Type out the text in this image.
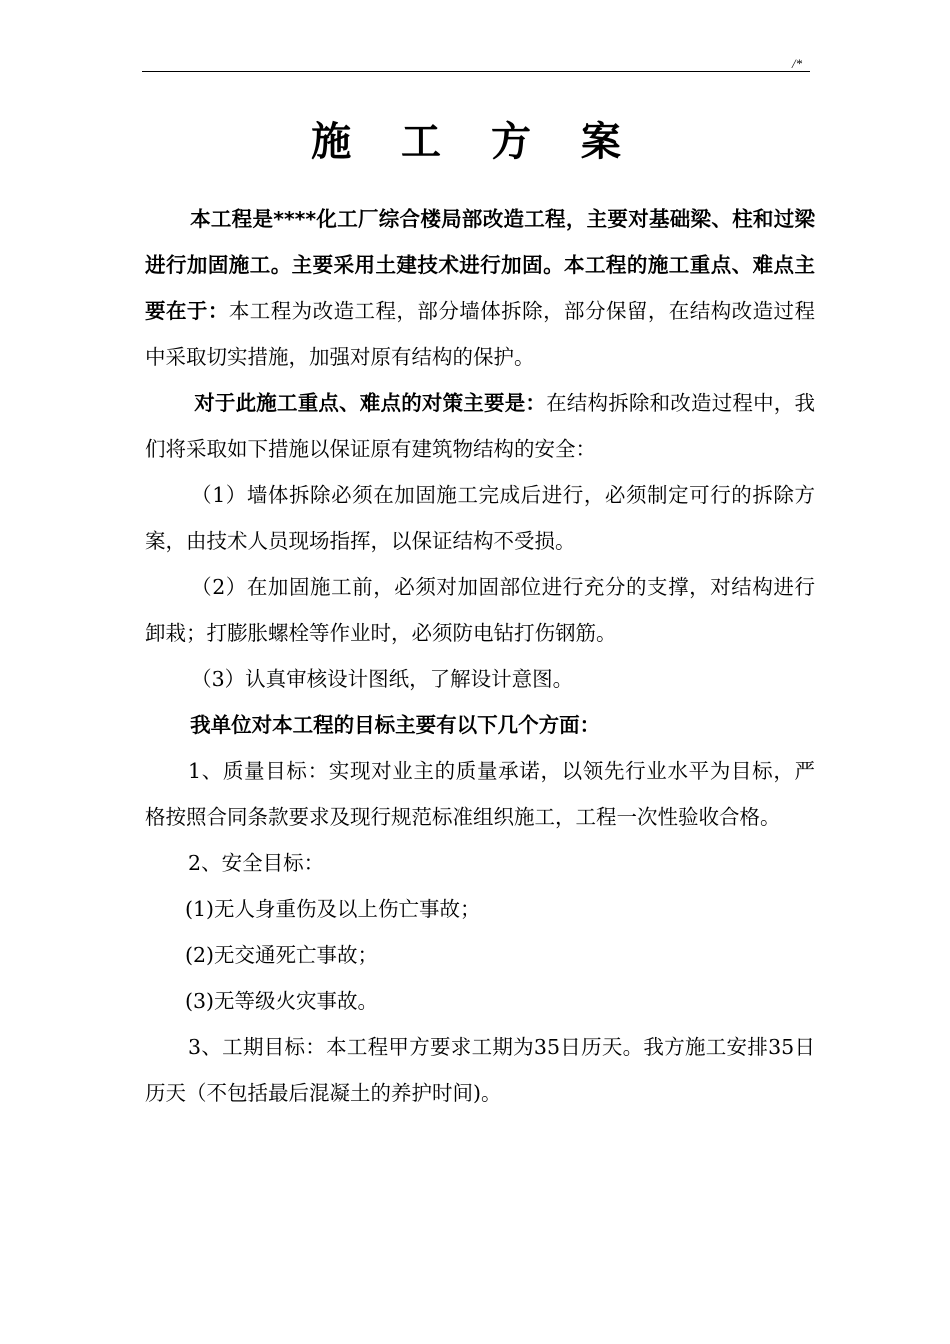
/*
施 工 方 案

本工程是****化工厂综合楼局部改造工程，主要对基础梁、柱和过梁进行加固施工。主要采用土建技术进行加固。本工程的施工重点、难点主要在于：本工程为改造工程，部分墙体拆除，部分保留，在结构改造过程中采取切实措施，加强对原有结构的保护。

对于此施工重点、难点的对策主要是：在结构拆除和改造过程中，我们将采取如下措施以保证原有建筑物结构的安全：

（1）墙体拆除必须在加固施工完成后进行，必须制定可行的拆除方案，由技术人员现场指挥，以保证结构不受损。

（2）在加固施工前，必须对加固部位进行充分的支撑，对结构进行卸栽；打膨胀螺栓等作业时，必须防电钻打伤钢筋。

（3）认真审核设计图纸，了解设计意图。

我单位对本工程的目标主要有以下几个方面：

1、质量目标：实现对业主的质量承诺，以领先行业水平为目标，严格按照合同条款要求及现行规范标准组织施工，工程一次性验收合格。

2、安全目标：

(1)无人身重伤及以上伤亡事故；

(2)无交通死亡事故；

(3)无等级火灾事故。

3、工期目标：本工程甲方要求工期为35日历天。我方施工安排35日历天（不包括最后混凝土的养护时间)。
